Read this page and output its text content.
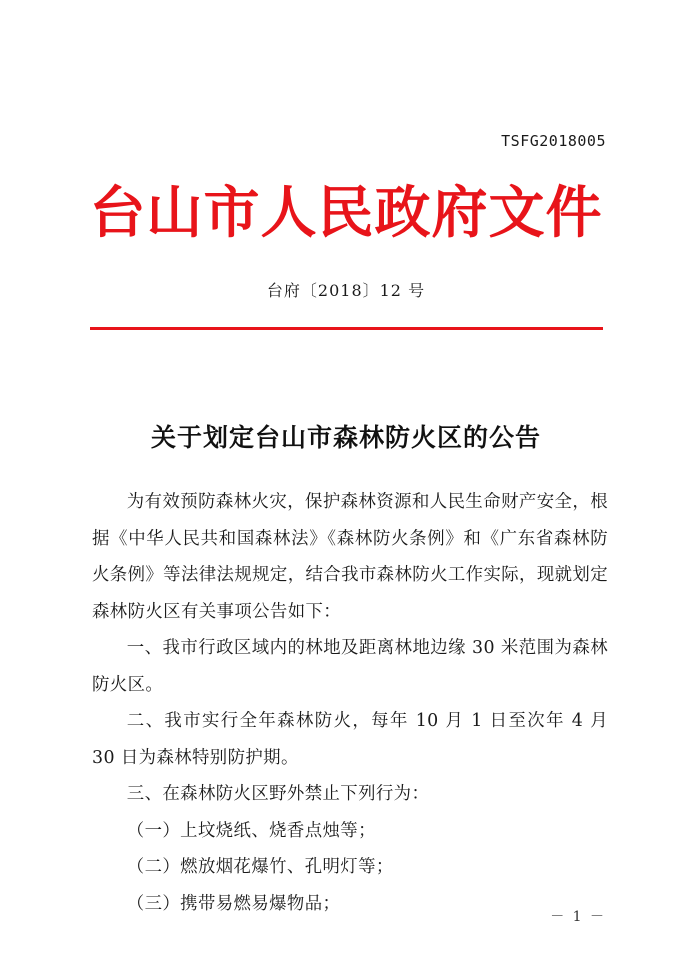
TSFG2018005
台山市人民政府文件
台府〔2018〕12 号
关于划定台山市森林防火区的公告

为有效预防森林火灾，保护森林资源和人民生命财产安全，根据《中华人民共和国森林法》《森林防火条例》和《广东省森林防火条例》等法律法规规定，结合我市森林防火工作实际，现就划定森林防火区有关事项公告如下：

一、我市行政区域内的林地及距离林地边缘 30 米范围为森林防火区。

二、我市实行全年森林防火，每年 10 月 1 日至次年 4 月 30 日为森林特别防护期。

三、在森林防火区野外禁止下列行为：

（一）上坟烧纸、烧香点烛等；

（二）燃放烟花爆竹、孔明灯等；

（三）携带易燃易爆物品；

－ 1 －
